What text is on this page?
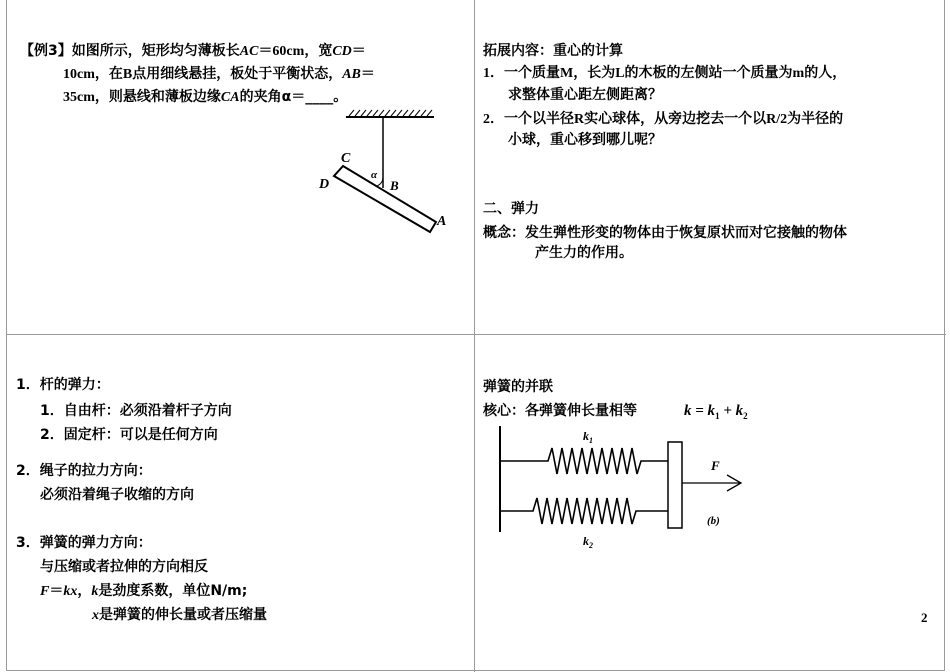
【例3】如图所示，矩形均匀薄板长AC＝60cm，宽CD＝
10cm，在B点用细线悬挂，板处于平衡状态，AB＝
35cm，则悬线和薄板边缘CA的夹角α＝____。
C
D	B
A
α
拓展内容：重心的计算
1．一个质量M，长为L的木板的左侧站一个质量为m的人，
求整体重心距左侧距离？
2．一个以半径R实心球体，从旁边挖去一个以R/2为半径的
小球，重心移到哪儿呢？
二、弹力
概念：发生弹性形变的物体由于恢复原状而对它接触的物体
产生力的作用。
1．杆的弹力：
1．自由杆：必须沿着杆子方向
2．固定杆：可以是任何方向
2．绳子的拉力方向：
必须沿着绳子收缩的方向
3．弹簧的弹力方向：
与压缩或者拉伸的方向相反
F＝kx，k是劲度系数，单位N/m;
x是弹簧的伸长量或者压缩量
弹簧的并联
核心：各弹簧伸长量相等	$k = k_1 + k_2$
$k_1$
$k_2$
F
(b)
2
